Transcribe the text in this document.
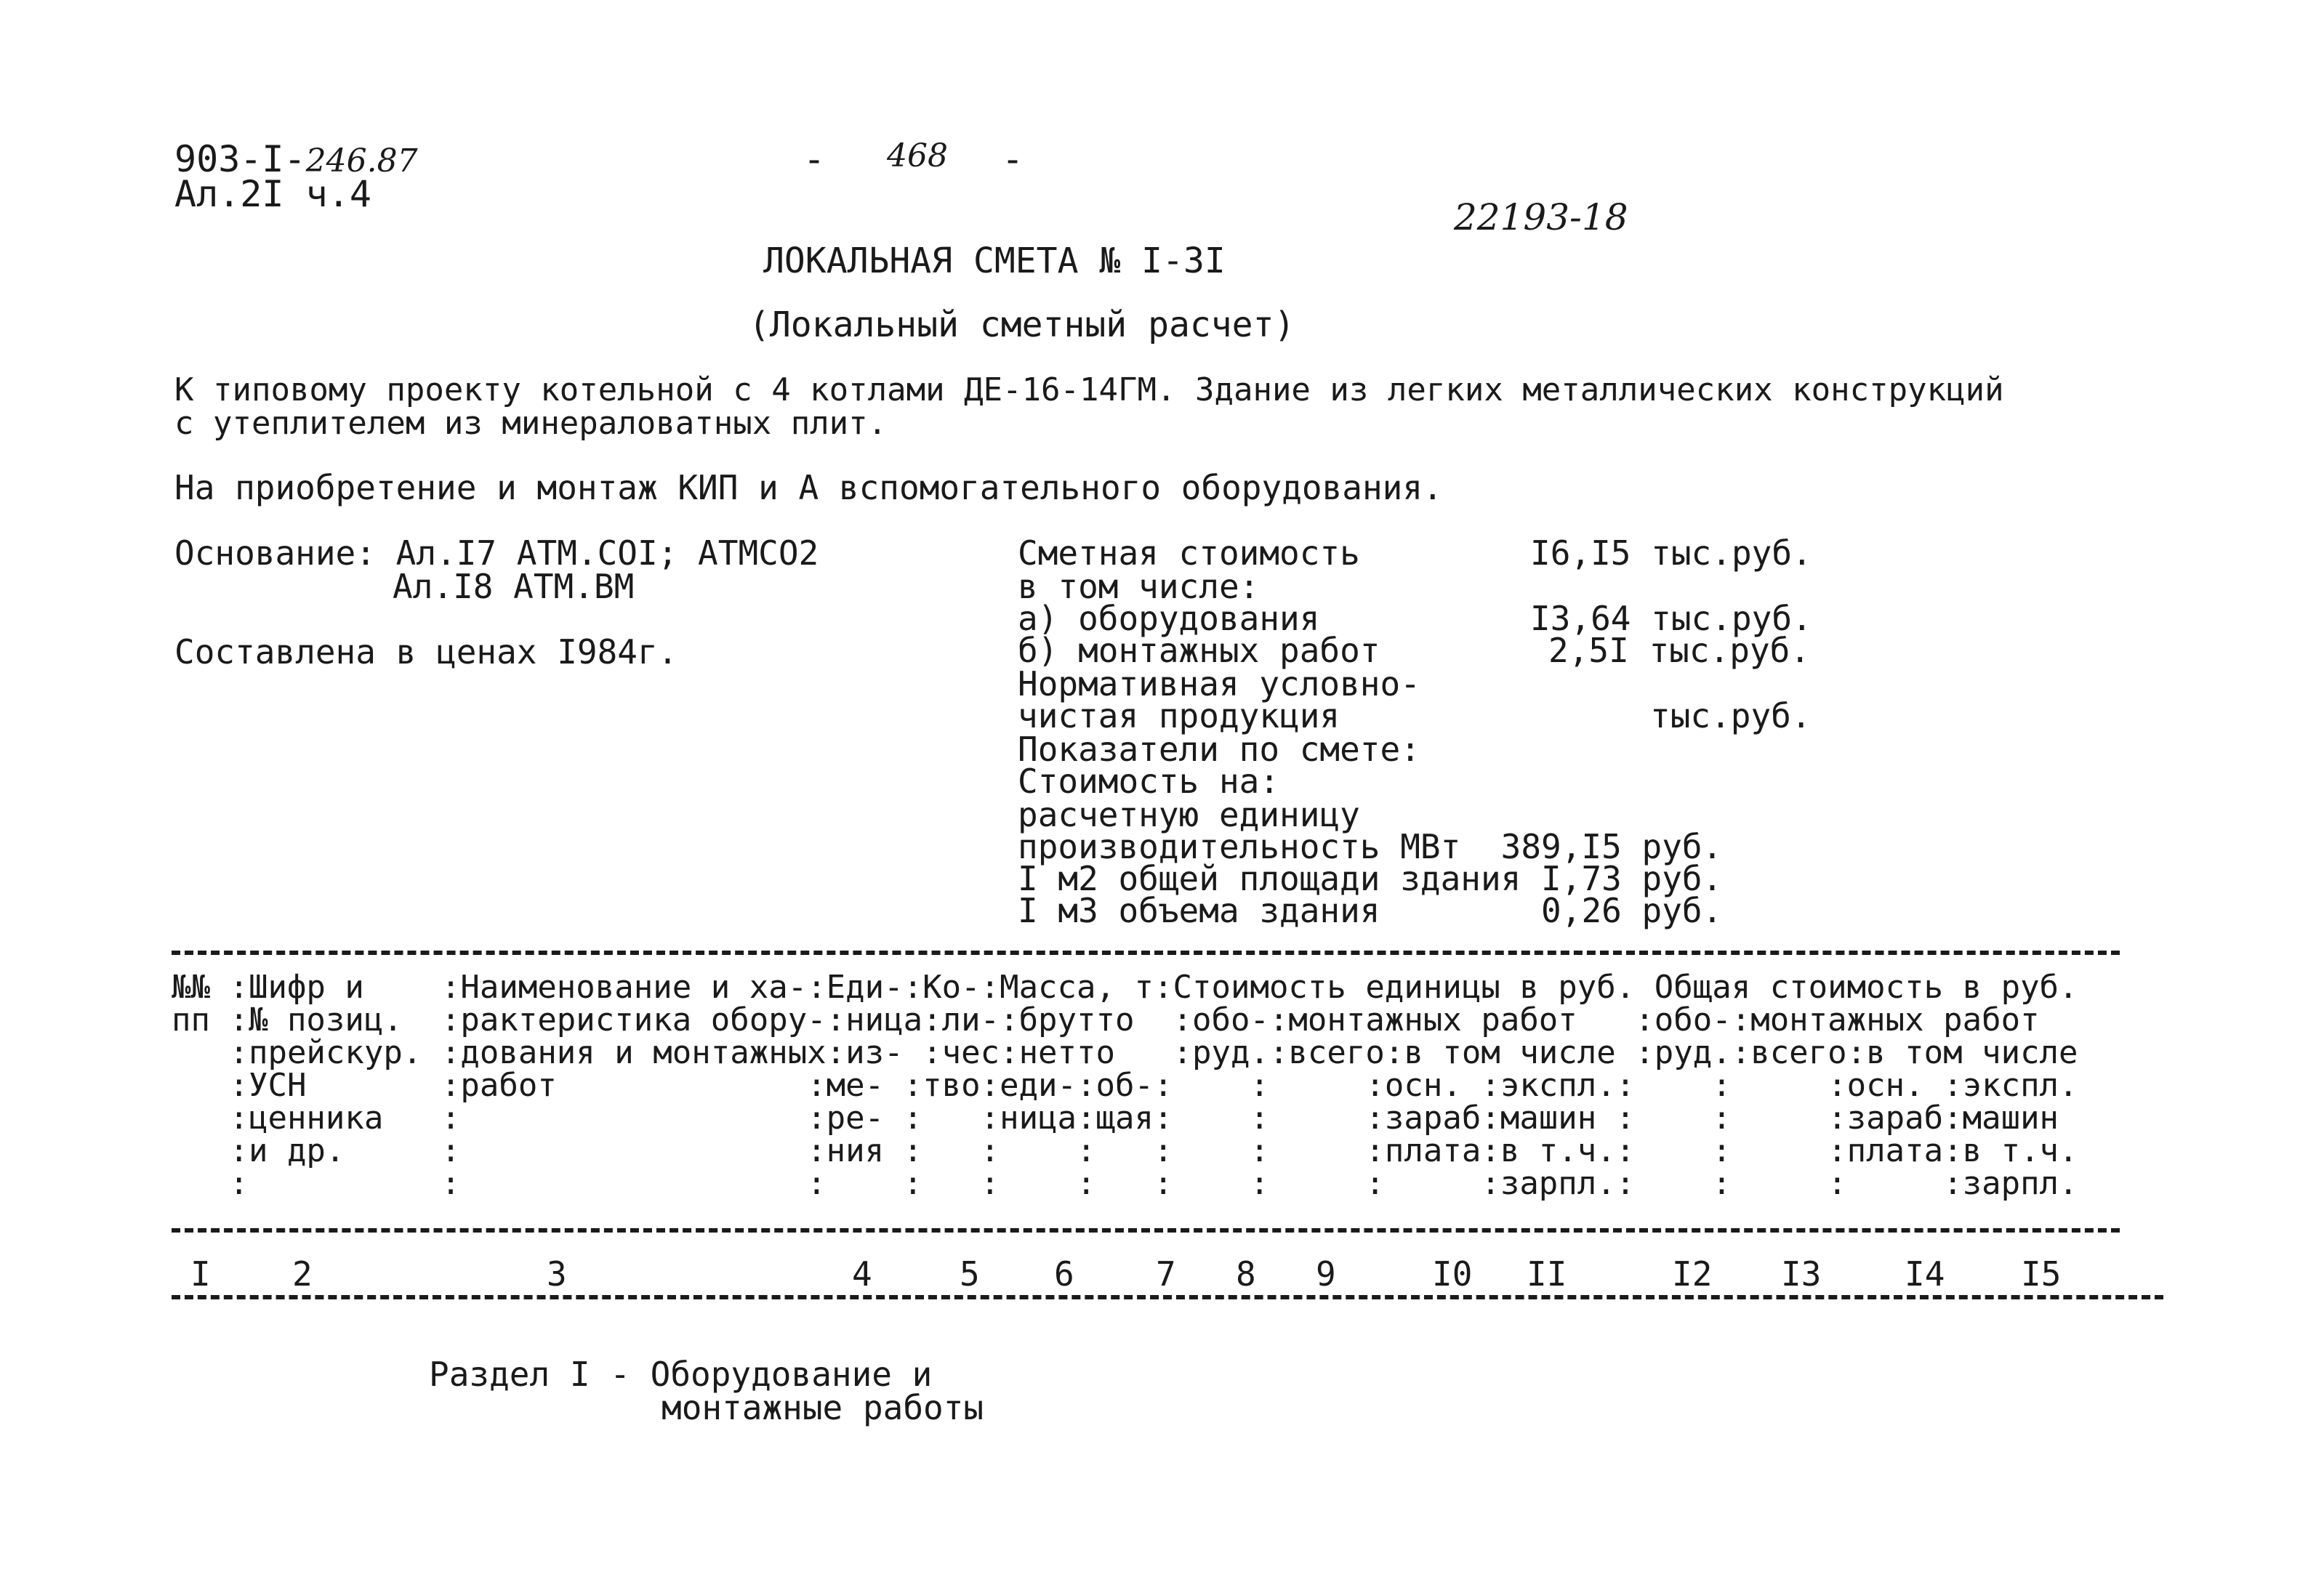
903-I-246.87
Ал.2I ч.4
- 468 -
22193-18
ЛОКАЛЬНАЯ СМЕТА № I-3I
(Локальный сметный расчет)
К типовому проекту котельной с 4 котлами ДЕ-16-14ГМ. Здание из легких металлических конструкций
с утеплителем из минераловатных плит.
На приобретение и монтаж КИП и А вспомогательного оборудования.
Основание: Ал.I7 АТМ.СОI; АТМСО2
Ал.I8 АТМ.ВМ
Составлена в ценах I984г.
Сметная стоимость	I6,I5 тыс.руб.
в том числе:
а) оборудования	I3,64 тыс.руб.
б) монтажных работ	2,5I тыс.руб.
Нормативная условно-
чистая продукция	тыс.руб.
Показатели по смете:
Стоимость на:
расчетную единицу
производительность МВт  389,I5 руб.
I м2 общей площади здания I,73 руб.
I м3 объема здания        0,26 руб.
№№ :Шифр и    :Наименование и ха-:Еди-:Ко-:Масса, т:Стоимость единицы в руб. Общая стоимость в руб.
пп :№ позиц.  :рактеристика обору-:ница:ли-:брутто  :обо-:монтажных работ   :обо-:монтажных работ
:прейскур. :дования и монтажных:из- :чес:нетто   :руд.:всего:в том числе :руд.:всего:в том числе
:УСН       :работ             :ме- :тво:еди-:об-:    :     :осн. :экспл.:    :     :осн. :экспл.
:ценника   :                  :ре- :   :ница:щая:    :     :зараб:машин :    :     :зараб:машин
:и др.     :                  :ния :   :    :   :    :     :плата:в т.ч.:    :     :плата:в т.ч.
:          :                  :    :   :    :   :    :     :     :зарпл.:    :     :     :зарпл.
I 2	3	4	5 6 7 8 9	I0 II	I2 I3 I4 I5
Раздел I - Оборудование и
монтажные работы
